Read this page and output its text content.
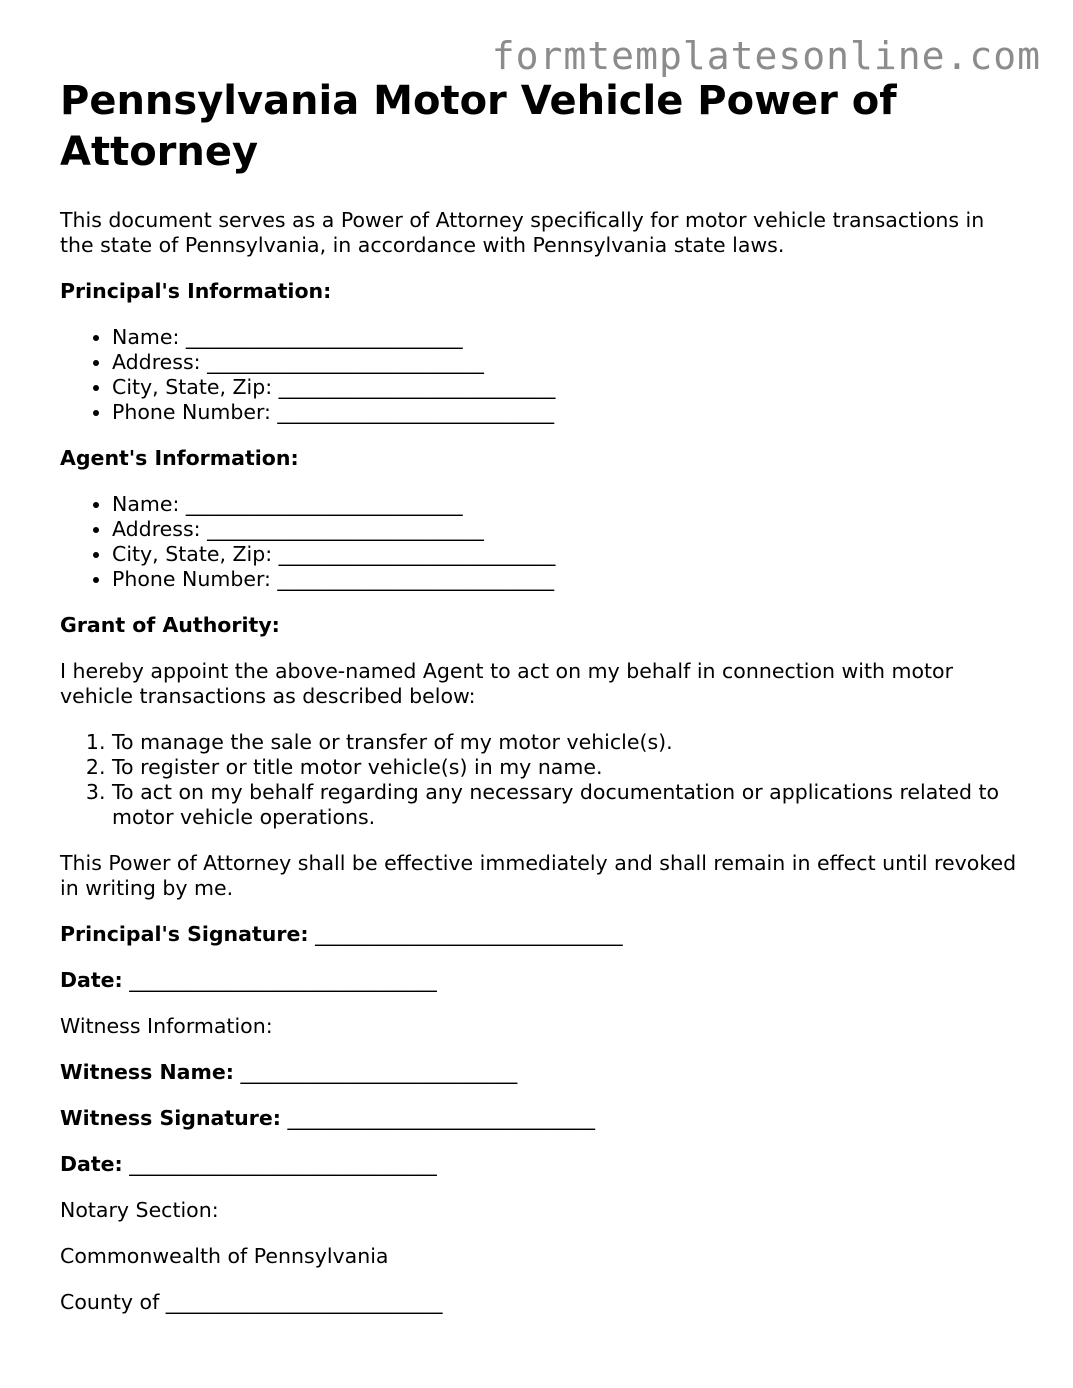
formtemplatesonline.com
Pennsylvania Motor Vehicle Power of Attorney

This document serves as a Power of Attorney specifically for motor vehicle transactions in the state of Pennsylvania, in accordance with Pennsylvania state laws.

Principal's Information:

• Name: ___________________________
• Address: ___________________________
• City, State, Zip: ___________________________
• Phone Number: ___________________________

Agent's Information:

• Name: ___________________________
• Address: ___________________________
• City, State, Zip: ___________________________
• Phone Number: ___________________________

Grant of Authority:

I hereby appoint the above-named Agent to act on my behalf in connection with motor vehicle transactions as described below:

1. To manage the sale or transfer of my motor vehicle(s).
2. To register or title motor vehicle(s) in my name.
3. To act on my behalf regarding any necessary documentation or applications related to motor vehicle operations.

This Power of Attorney shall be effective immediately and shall remain in effect until revoked in writing by me.

Principal's Signature: ______________________________

Date: ______________________________

Witness Information:

Witness Name: ___________________________

Witness Signature: ______________________________

Date: ______________________________

Notary Section:

Commonwealth of Pennsylvania

County of ___________________________
